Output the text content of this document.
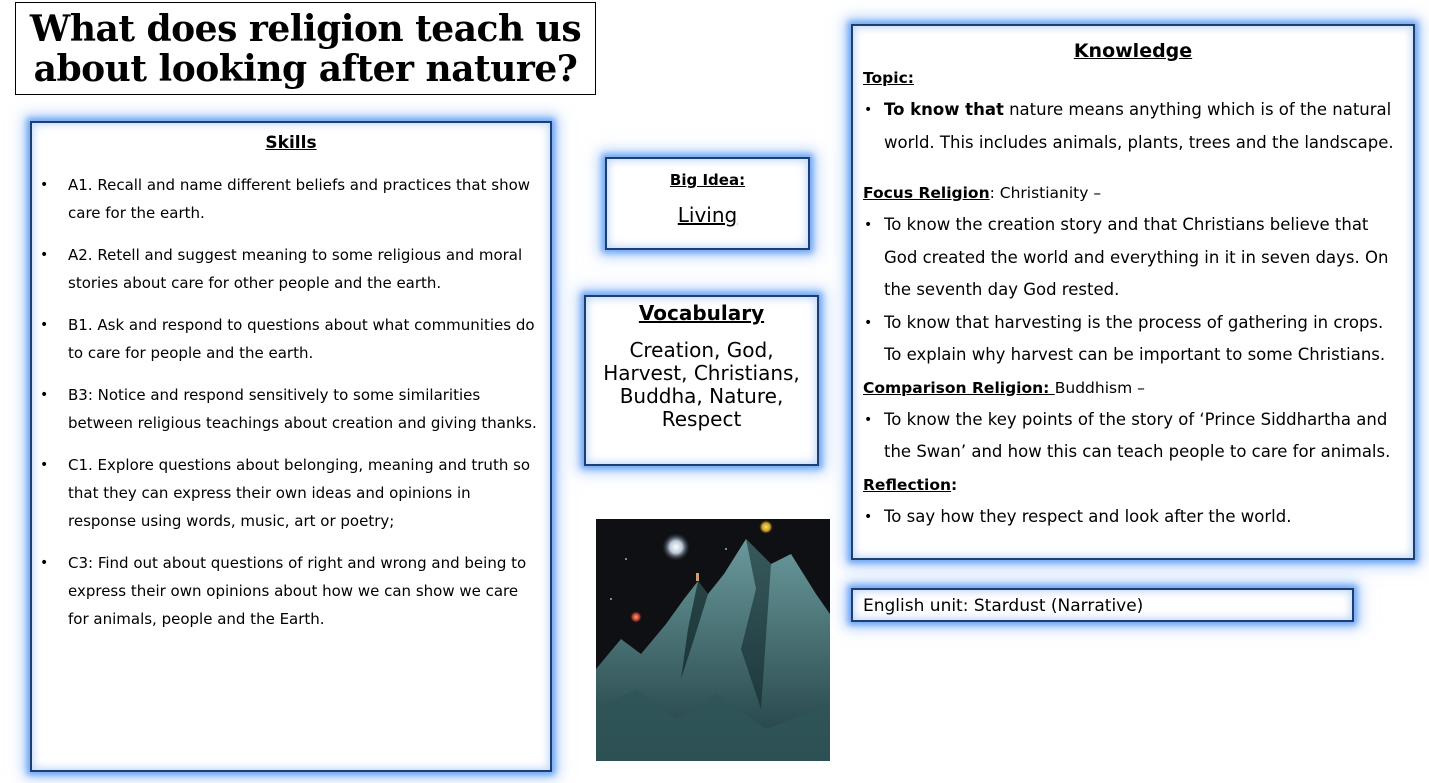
What does religion teach us
about looking after nature?
Skills
• A1. Recall and name different beliefs and practices that show care for the earth.
• A2. Retell and suggest meaning to some religious and moral stories about care for other people and the earth.
• B1. Ask and respond to questions about what communities do to care for people and the earth.
• B3: Notice and respond sensitively to some similarities between religious teachings about creation and giving thanks.
• C1. Explore questions about belonging, meaning and truth so that they can express their own ideas and opinions in response using words, music, art or poetry;
• C3: Find out about questions of right and wrong and being to express their own opinions about how we can show we care for animals, people and the Earth.
Big Idea:
Living
Vocabulary
Creation, God, Harvest, Christians, Buddha, Nature, Respect
Knowledge
Topic:
• To know that nature means anything which is of the natural world. This includes animals, plants, trees and the landscape.
Focus Religion: Christianity –
• To know the creation story and that Christians believe that God created the world and everything in it in seven days. On the seventh day God rested.
• To know that harvesting is the process of gathering in crops. To explain why harvest can be important to some Christians.
Comparison Religion: Buddhism –
• To know the key points of the story of ‘Prince Siddhartha and the Swan’ and how this can teach people to care for animals.
Reflection:
• To say how they respect and look after the world.
English unit: Stardust (Narrative)
